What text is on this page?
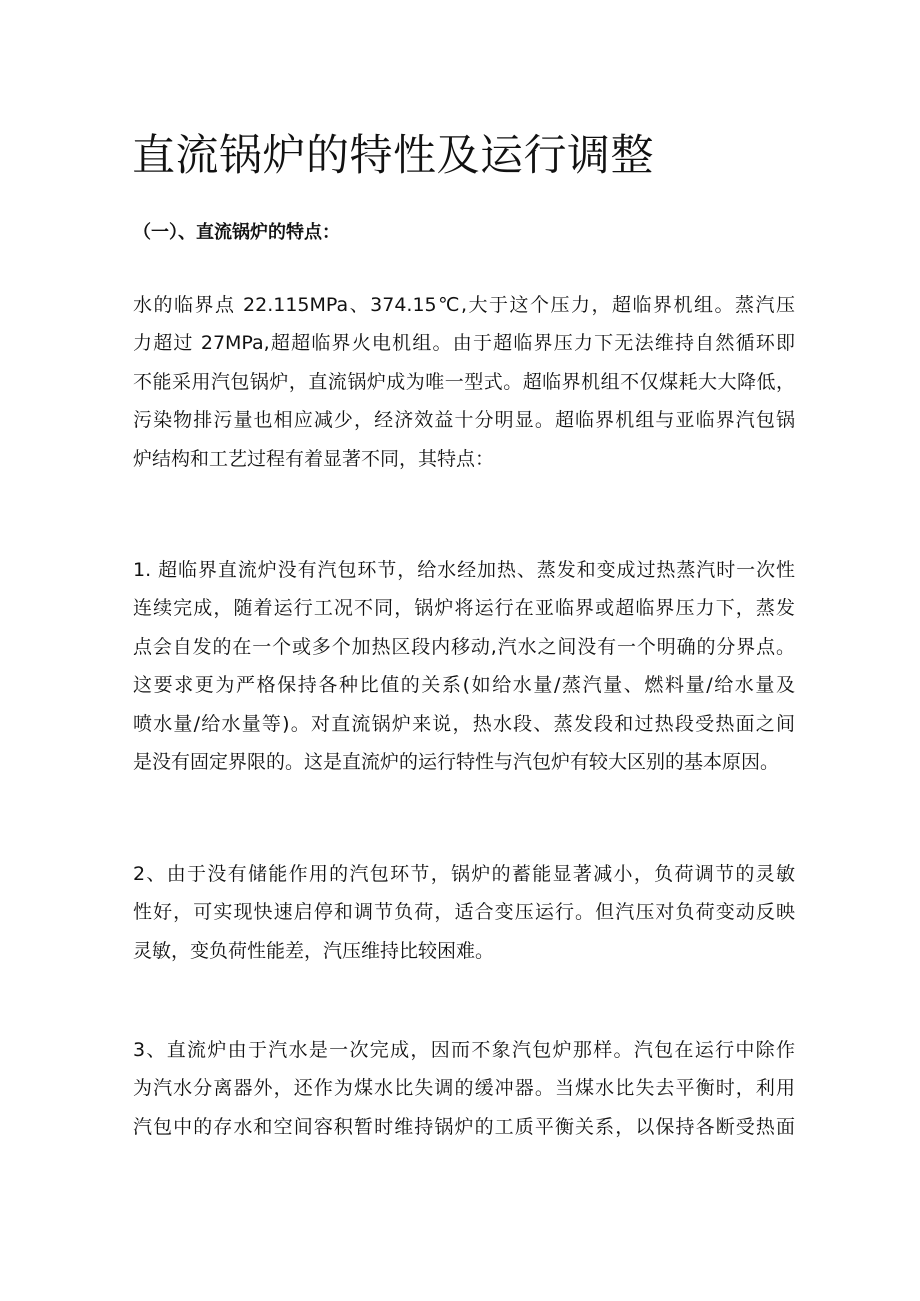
直流锅炉的特性及运行调整
（一）、直流锅炉的特点：
水的临界点 22.115MPa、374.15℃,大于这个压力，超临界机组。蒸汽压
力超过 27MPa,超超临界火电机组。由于超临界压力下无法维持自然循环即
不能采用汽包锅炉，直流锅炉成为唯一型式。超临界机组不仅煤耗大大降低，
污染物排污量也相应减少，经济效益十分明显。超临界机组与亚临界汽包锅
炉结构和工艺过程有着显著不同，其特点：
1. 超临界直流炉没有汽包环节，给水经加热、蒸发和变成过热蒸汽时一次性
连续完成，随着运行工况不同，锅炉将运行在亚临界或超临界压力下，蒸发
点会自发的在一个或多个加热区段内移动,汽水之间没有一个明确的分界点。
这要求更为严格保持各种比值的关系(如给水量/蒸汽量、燃料量/给水量及
喷水量/给水量等)。对直流锅炉来说，热水段、蒸发段和过热段受热面之间
是没有固定界限的。这是直流炉的运行特性与汽包炉有较大区别的基本原因。
2、由于没有储能作用的汽包环节，锅炉的蓄能显著减小，负荷调节的灵敏
性好，可实现快速启停和调节负荷，适合变压运行。但汽压对负荷变动反映
灵敏，变负荷性能差，汽压维持比较困难。
3、直流炉由于汽水是一次完成，因而不象汽包炉那样。汽包在运行中除作
为汽水分离器外，还作为煤水比失调的缓冲器。当煤水比失去平衡时，利用
汽包中的存水和空间容积暂时维持锅炉的工质平衡关系，以保持各断受热面
